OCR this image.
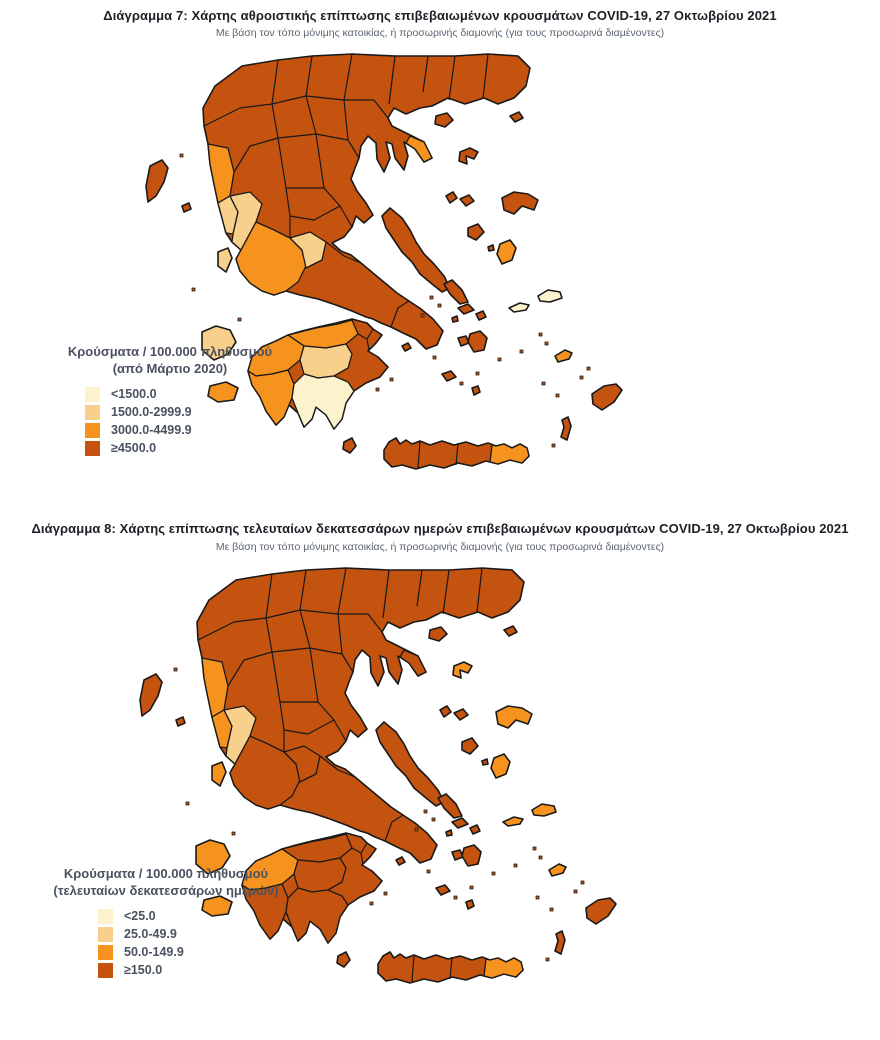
Διάγραμμα 7: Χάρτης αθροιστικής επίπτωσης επιβεβαιωμένων κρουσμάτων COVID-19, 27 Οκτωβρίου 2021
Με βάση τον τόπο μόνιμης κατοικίας, ή προσωρινής διαμονής (για τους προσωρινά διαμένοντες)
Κρούσματα / 100.000 πληθυσμού
(από Μάρτιο 2020)
<1500.0
1500.0-2999.9
3000.0-4499.9
≥4500.0
Διάγραμμα 8: Χάρτης επίπτωσης τελευταίων δεκατεσσάρων ημερών επιβεβαιωμένων κρουσμάτων COVID-19, 27 Οκτωβρίου 2021
Με βάση τον τόπο μόνιμης κατοικίας, ή προσωρινής διαμονής (για τους προσωρινά διαμένοντες)
Κρούσματα / 100.000 πληθυσμού
(τελευταίων δεκατεσσάρων ημερών)
<25.0
25.0-49.9
50.0-149.9
≥150.0
